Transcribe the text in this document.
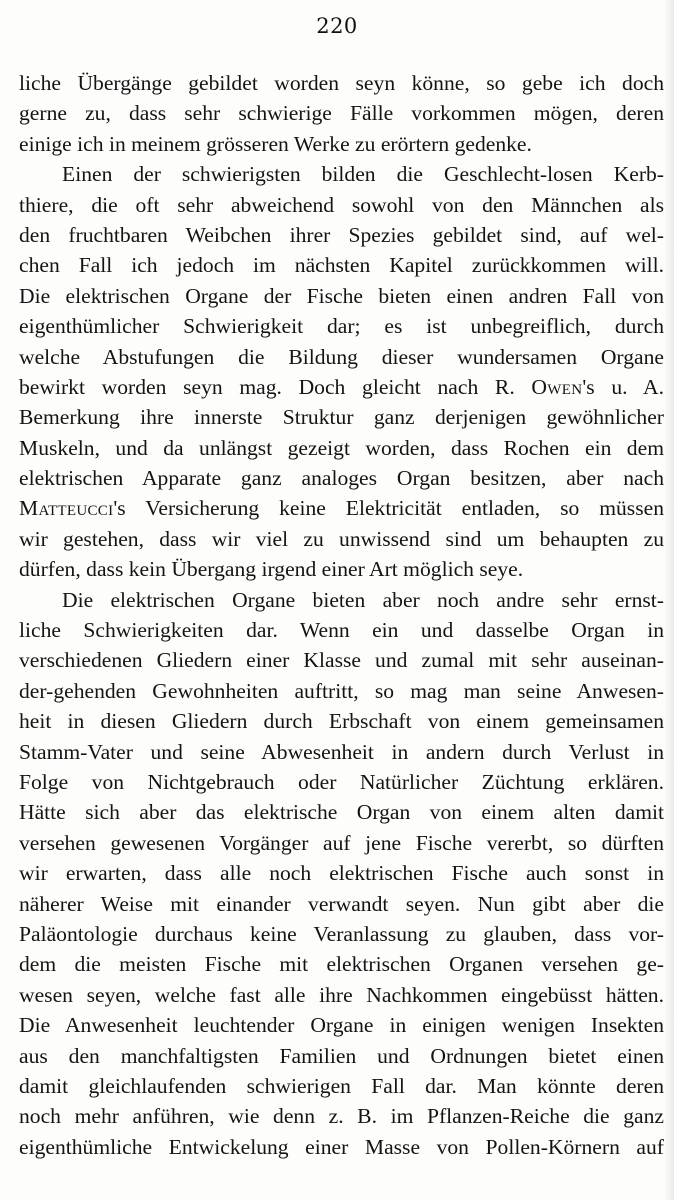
220
liche Übergänge gebildet worden seyn könne, so gebe ich doch
gerne zu, dass sehr schwierige Fälle vorkommen mögen, deren
einige ich in meinem grösseren Werke zu erörtern gedenke.
Einen der schwierigsten bilden die Geschlecht-losen Kerb-
thiere, die oft sehr abweichend sowohl von den Männchen als
den fruchtbaren Weibchen ihrer Spezies gebildet sind, auf wel-
chen Fall ich jedoch im nächsten Kapitel zurückkommen will.
Die elektrischen Organe der Fische bieten einen andren Fall von
eigenthümlicher Schwierigkeit dar; es ist unbegreiflich, durch
welche Abstufungen die Bildung dieser wundersamen Organe
bewirkt worden seyn mag. Doch gleicht nach R. Owen's u. A.
Bemerkung ihre innerste Struktur ganz derjenigen gewöhnlicher
Muskeln, und da unlängst gezeigt worden, dass Rochen ein dem
elektrischen Apparate ganz analoges Organ besitzen, aber nach
Matteucci's Versicherung keine Elektricität entladen, so müssen
wir gestehen, dass wir viel zu unwissend sind um behaupten zu
dürfen, dass kein Übergang irgend einer Art möglich seye.
Die elektrischen Organe bieten aber noch andre sehr ernst-
liche Schwierigkeiten dar. Wenn ein und dasselbe Organ in
verschiedenen Gliedern einer Klasse und zumal mit sehr auseinan-
der-gehenden Gewohnheiten auftritt, so mag man seine Anwesen-
heit in diesen Gliedern durch Erbschaft von einem gemeinsamen
Stamm-Vater und seine Abwesenheit in andern durch Verlust in
Folge von Nichtgebrauch oder Natürlicher Züchtung erklären.
Hätte sich aber das elektrische Organ von einem alten damit
versehen gewesenen Vorgänger auf jene Fische vererbt, so dürften
wir erwarten, dass alle noch elektrischen Fische auch sonst in
näherer Weise mit einander verwandt seyen. Nun gibt aber die
Paläontologie durchaus keine Veranlassung zu glauben, dass vor-
dem die meisten Fische mit elektrischen Organen versehen ge-
wesen seyen, welche fast alle ihre Nachkommen eingebüsst hätten.
Die Anwesenheit leuchtender Organe in einigen wenigen Insekten
aus den manchfaltigsten Familien und Ordnungen bietet einen
damit gleichlaufenden schwierigen Fall dar. Man könnte deren
noch mehr anführen, wie denn z. B. im Pflanzen-Reiche die ganz
eigenthümliche Entwickelung einer Masse von Pollen-Körnern auf
